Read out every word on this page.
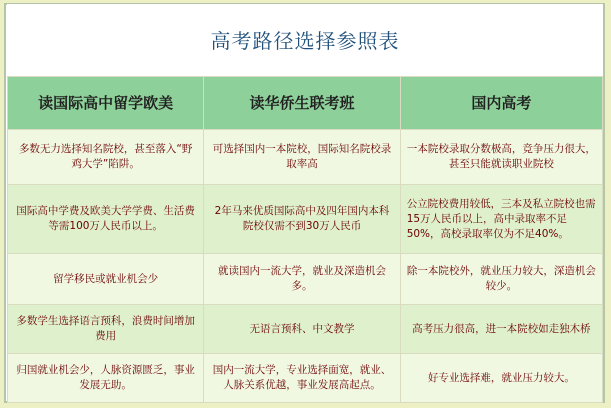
高考路径选择参照表
读国际高中留学欧美	读华侨生联考班	国内高考
多数无力选择知名院校，甚至落入“野鸡大学”陷阱。	可选择国内一本院校，国际知名院校录取率高	一本院校录取分数极高，竞争压力很大，甚至只能就读职业院校
国际高中学费及欧美大学学费、生活费等需100万人民币以上。	2年马来优质国际高中及四年国内本科院校仅需不到30万人民币	公立院校费用较低，三本及私立院校也需15万人民币以上，高中录取率不足50%，高校录取率仅为不足40%。
留学移民或就业机会少	就读国内一流大学，就业及深造机会多。	除一本院校外，就业压力较大，深造机会较少。
多数学生选择语言预科，浪费时间增加费用	无语言预科、中文教学	高考压力很高，进一本院校如走独木桥
归国就业机会少，人脉资源匮乏，事业发展无助。	国内一流大学，专业选择面宽，就业、人脉关系优越，事业发展高起点。	好专业选择难，就业压力较大。
